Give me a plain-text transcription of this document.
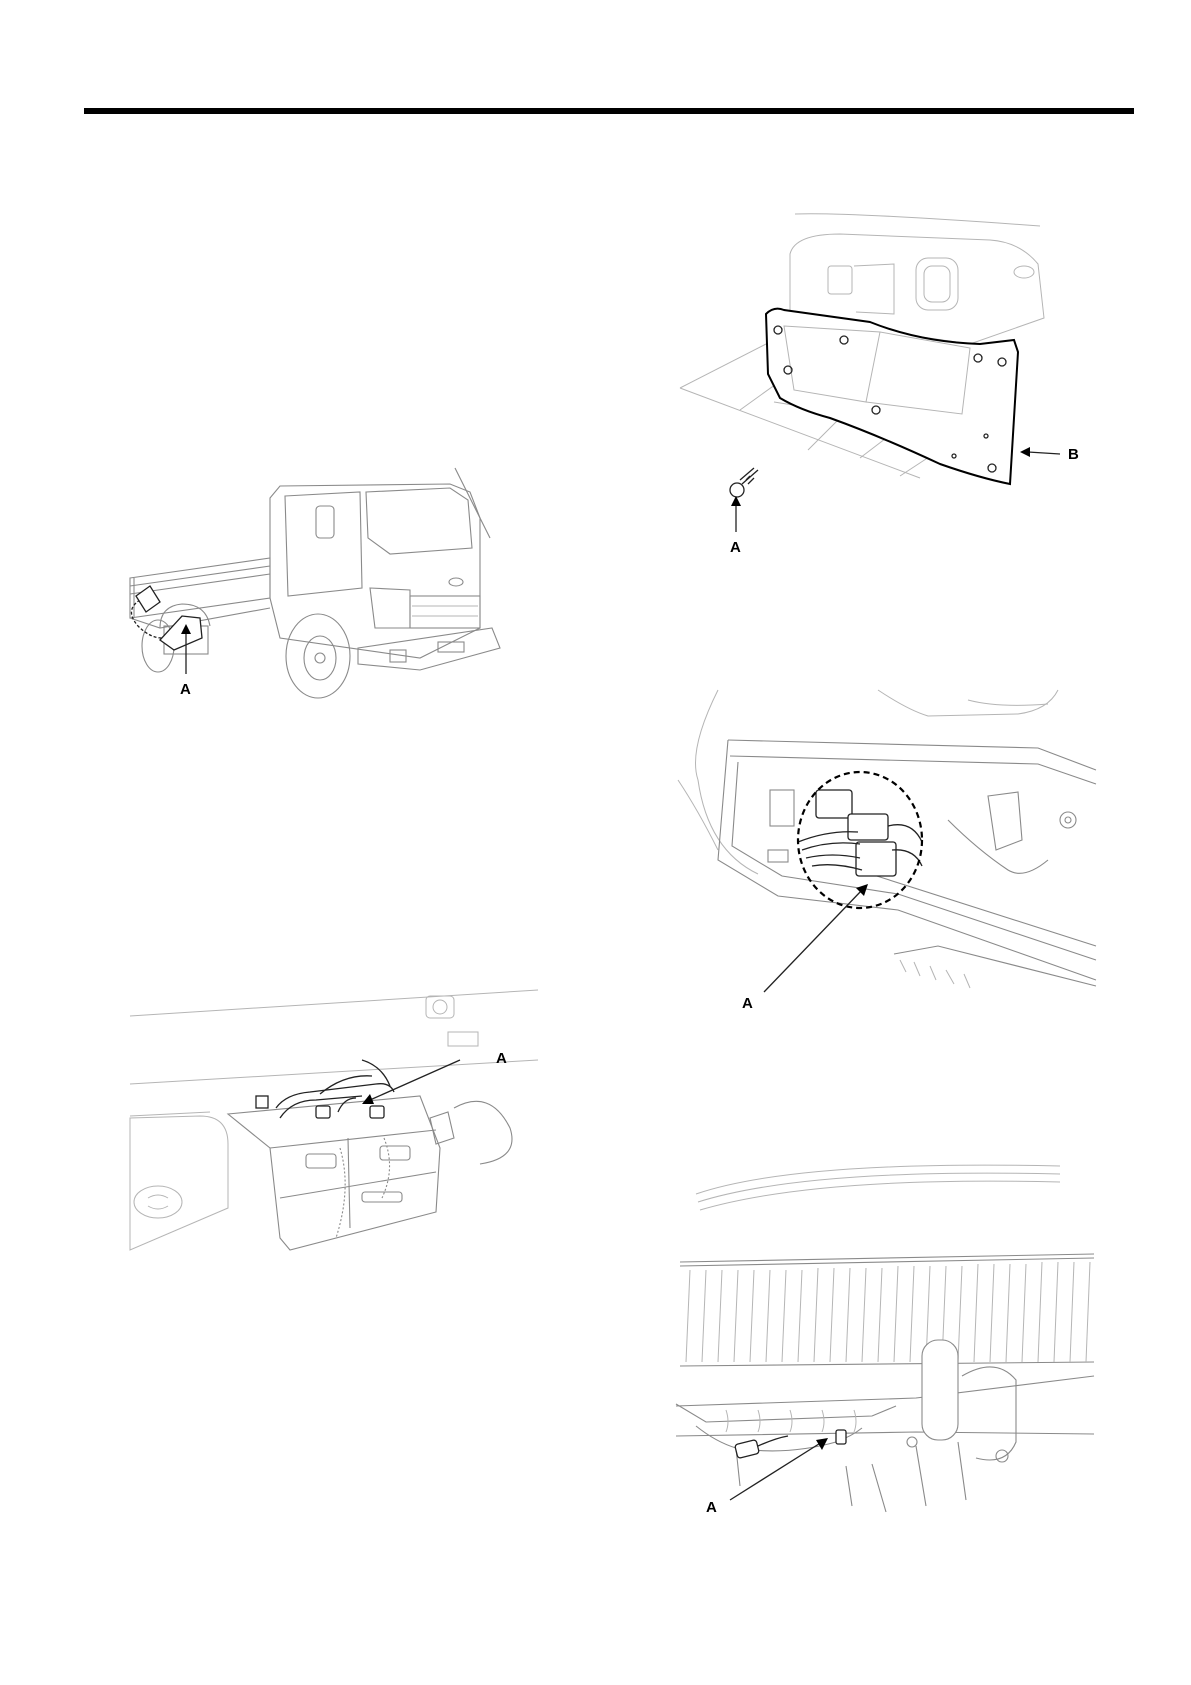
A
A
A
B
A
A
